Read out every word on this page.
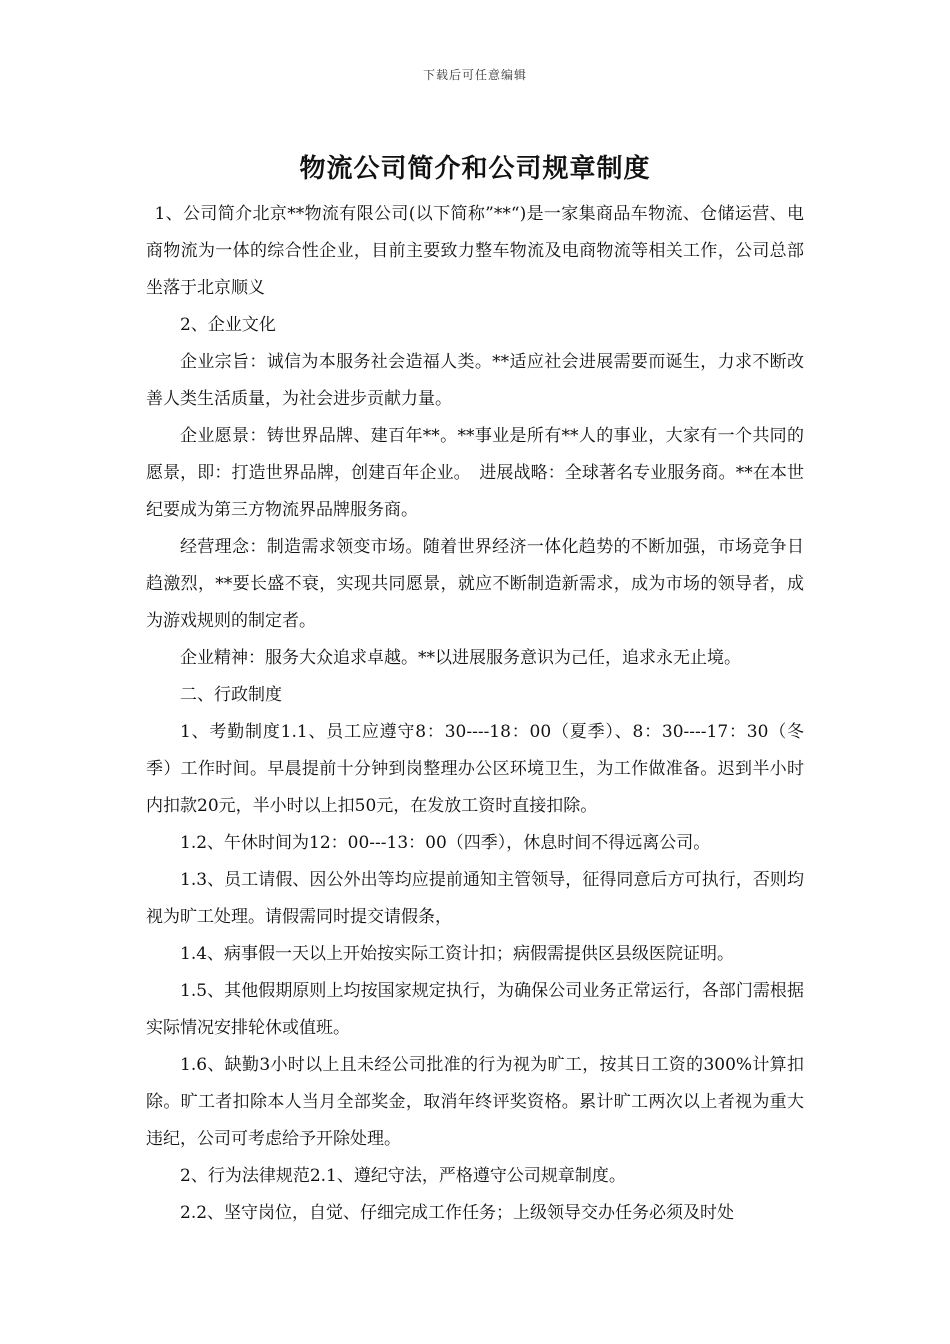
下载后可任意编辑
物流公司简介和公司规章制度

1、公司简介北京**物流有限公司(以下简称”**“)是一家集商品车物流、仓储运营、电商物流为一体的综合性企业，目前主要致力整车物流及电商物流等相关工作，公司总部坐落于北京顺义

2、企业文化

企业宗旨：诚信为本服务社会造福人类。**适应社会进展需要而诞生，力求不断改善人类生活质量，为社会进步贡献力量。

企业愿景：铸世界品牌、建百年**。**事业是所有**人的事业，大家有一个共同的愿景，即：打造世界品牌，创建百年企业。　进展战略：全球著名专业服务商。**在本世纪要成为第三方物流界品牌服务商。

经营理念：制造需求领变市场。随着世界经济一体化趋势的不断加强，市场竞争日趋激烈，**要长盛不衰，实现共同愿景，就应不断制造新需求，成为市场的领导者，成为游戏规则的制定者。

企业精神：服务大众追求卓越。**以进展服务意识为己任，追求永无止境。

二、行政制度

1、考勤制度1.1、员工应遵守8：30----18：00（夏季）、8：30----17：30（冬季）工作时间。早晨提前十分钟到岗整理办公区环境卫生，为工作做准备。迟到半小时内扣款20元，半小时以上扣50元，在发放工资时直接扣除。

1.2、午休时间为12：00---13：00（四季），休息时间不得远离公司。

1.3、员工请假、因公外出等均应提前通知主管领导，征得同意后方可执行，否则均视为旷工处理。请假需同时提交请假条，

1.4、病事假一天以上开始按实际工资计扣；病假需提供区县级医院证明。

1.5、其他假期原则上均按国家规定执行，为确保公司业务正常运行，各部门需根据实际情况安排轮休或值班。

1.6、缺勤3小时以上且未经公司批准的行为视为旷工，按其日工资的300%计算扣除。旷工者扣除本人当月全部奖金，取消年终评奖资格。累计旷工两次以上者视为重大违纪，公司可考虑给予开除处理。

2、行为法律规范2.1、遵纪守法，严格遵守公司规章制度。

2.2、坚守岗位，自觉、仔细完成工作任务；上级领导交办任务必须及时处
